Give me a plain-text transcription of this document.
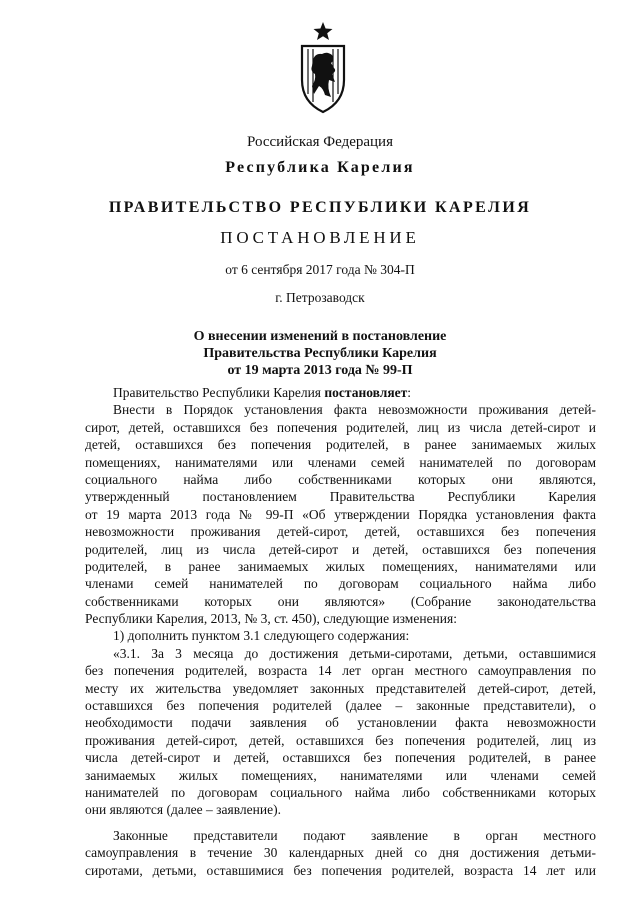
Российская Федерация
Республика Карелия
ПРАВИТЕЛЬСТВО РЕСПУБЛИКИ КАРЕЛИЯ
ПОСТАНОВЛЕНИЕ
от 6 сентября 2017 года № 304-П
г. Петрозаводск
О внесении изменений в постановление
Правительства Республики Карелия
от 19 марта 2013 года № 99-П
Правительство Республики Карелия постановляет:
Внести в Порядок установления факта невозможности проживания детей-
сирот, детей, оставшихся без попечения родителей, лиц из числа детей-сирот и
детей, оставшихся без попечения родителей, в ранее занимаемых жилых
помещениях, нанимателями или членами семей нанимателей по договорам
социального найма либо собственниками которых они являются,
утвержденный постановлением Правительства Республики Карелия
от 19 марта 2013 года № 99-П «Об утверждении Порядка установления факта
невозможности проживания детей-сирот, детей, оставшихся без попечения
родителей, лиц из числа детей-сирот и детей, оставшихся без попечения
родителей, в ранее занимаемых жилых помещениях, нанимателями или
членами семей нанимателей по договорам социального найма либо
собственниками которых они являются» (Собрание законодательства
Республики Карелия, 2013, № 3, ст. 450), следующие изменения:
1) дополнить пунктом 3.1 следующего содержания:
«3.1. За 3 месяца до достижения детьми-сиротами, детьми, оставшимися
без попечения родителей, возраста 14 лет орган местного самоуправления по
месту их жительства уведомляет законных представителей детей-сирот, детей,
оставшихся без попечения родителей (далее – законные представители), о
необходимости подачи заявления об установлении факта невозможности
проживания детей-сирот, детей, оставшихся без попечения родителей, лиц из
числа детей-сирот и детей, оставшихся без попечения родителей, в ранее
занимаемых жилых помещениях, нанимателями или членами семей
нанимателей по договорам социального найма либо собственниками которых
они являются (далее – заявление).
Законные представители подают заявление в орган местного
самоуправления в течение 30 календарных дней со дня достижения детьми-
сиротами, детьми, оставшимися без попечения родителей, возраста 14 лет или
